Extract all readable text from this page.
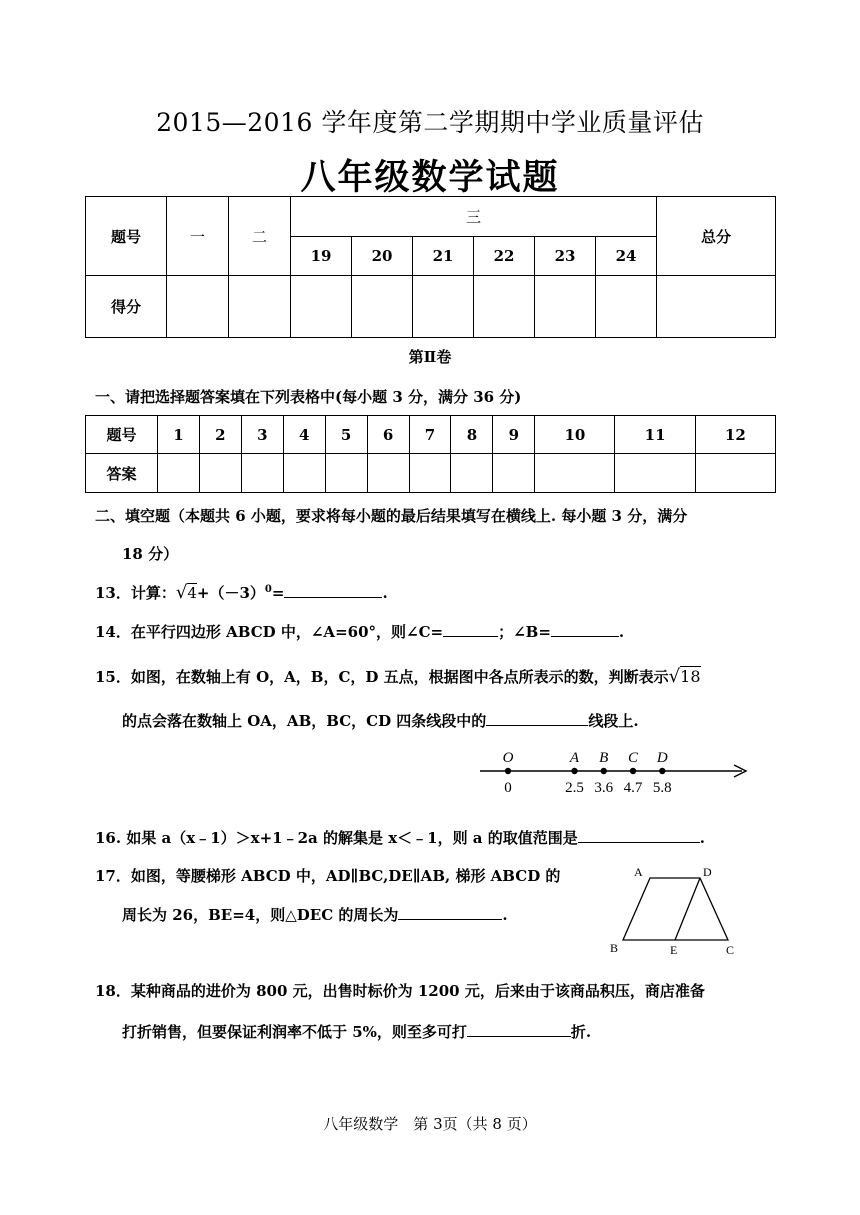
2015—2016 学年度第二学期期中学业质量评估
八年级数学试题
题号	一	二	三						总分
			19	20	21	22	23	24	
得分									
第Ⅱ卷
一、请把选择题答案填在下列表格中(每小题 3 分，满分 36 分)
题号	1	2	3	4	5	6	7	8	9	10	11	12
答案												
二、填空题（本题共 6 小题，要求将每小题的最后结果填写在横线上. 每小题 3 分，满分
18 分）
13．计算：$√4+(-3)^0=$	.
14．在平行四边形 ABCD 中，∠A=60°，则∠C=	；∠B=	.
15．如图，在数轴上有 O，A，B，C，D 五点，根据图中各点所表示的数，判断表示√18
的点会落在数轴上 OA，AB，BC，CD 四条线段中的	线段上.
O
0
A
2.5
B
3.6
C
4.7
D
5.8
16. 如果 a（x﹣1）＞x+1﹣2a 的解集是 x＜﹣1，则 a 的取值范围是	.
17．如图，等腰梯形 ABCD 中，AD∥BC,DE∥AB, 梯形 ABCD 的
周长为 26，BE=4，则△DEC 的周长为	.
A	D
B	E	C
18．某种商品的进价为 800 元，出售时标价为 1200 元，后来由于该商品积压，商店准备
打折销售，但要保证利润率不低于 5%，则至多可打	折.
八年级数学　第 3页（共 8 页）
